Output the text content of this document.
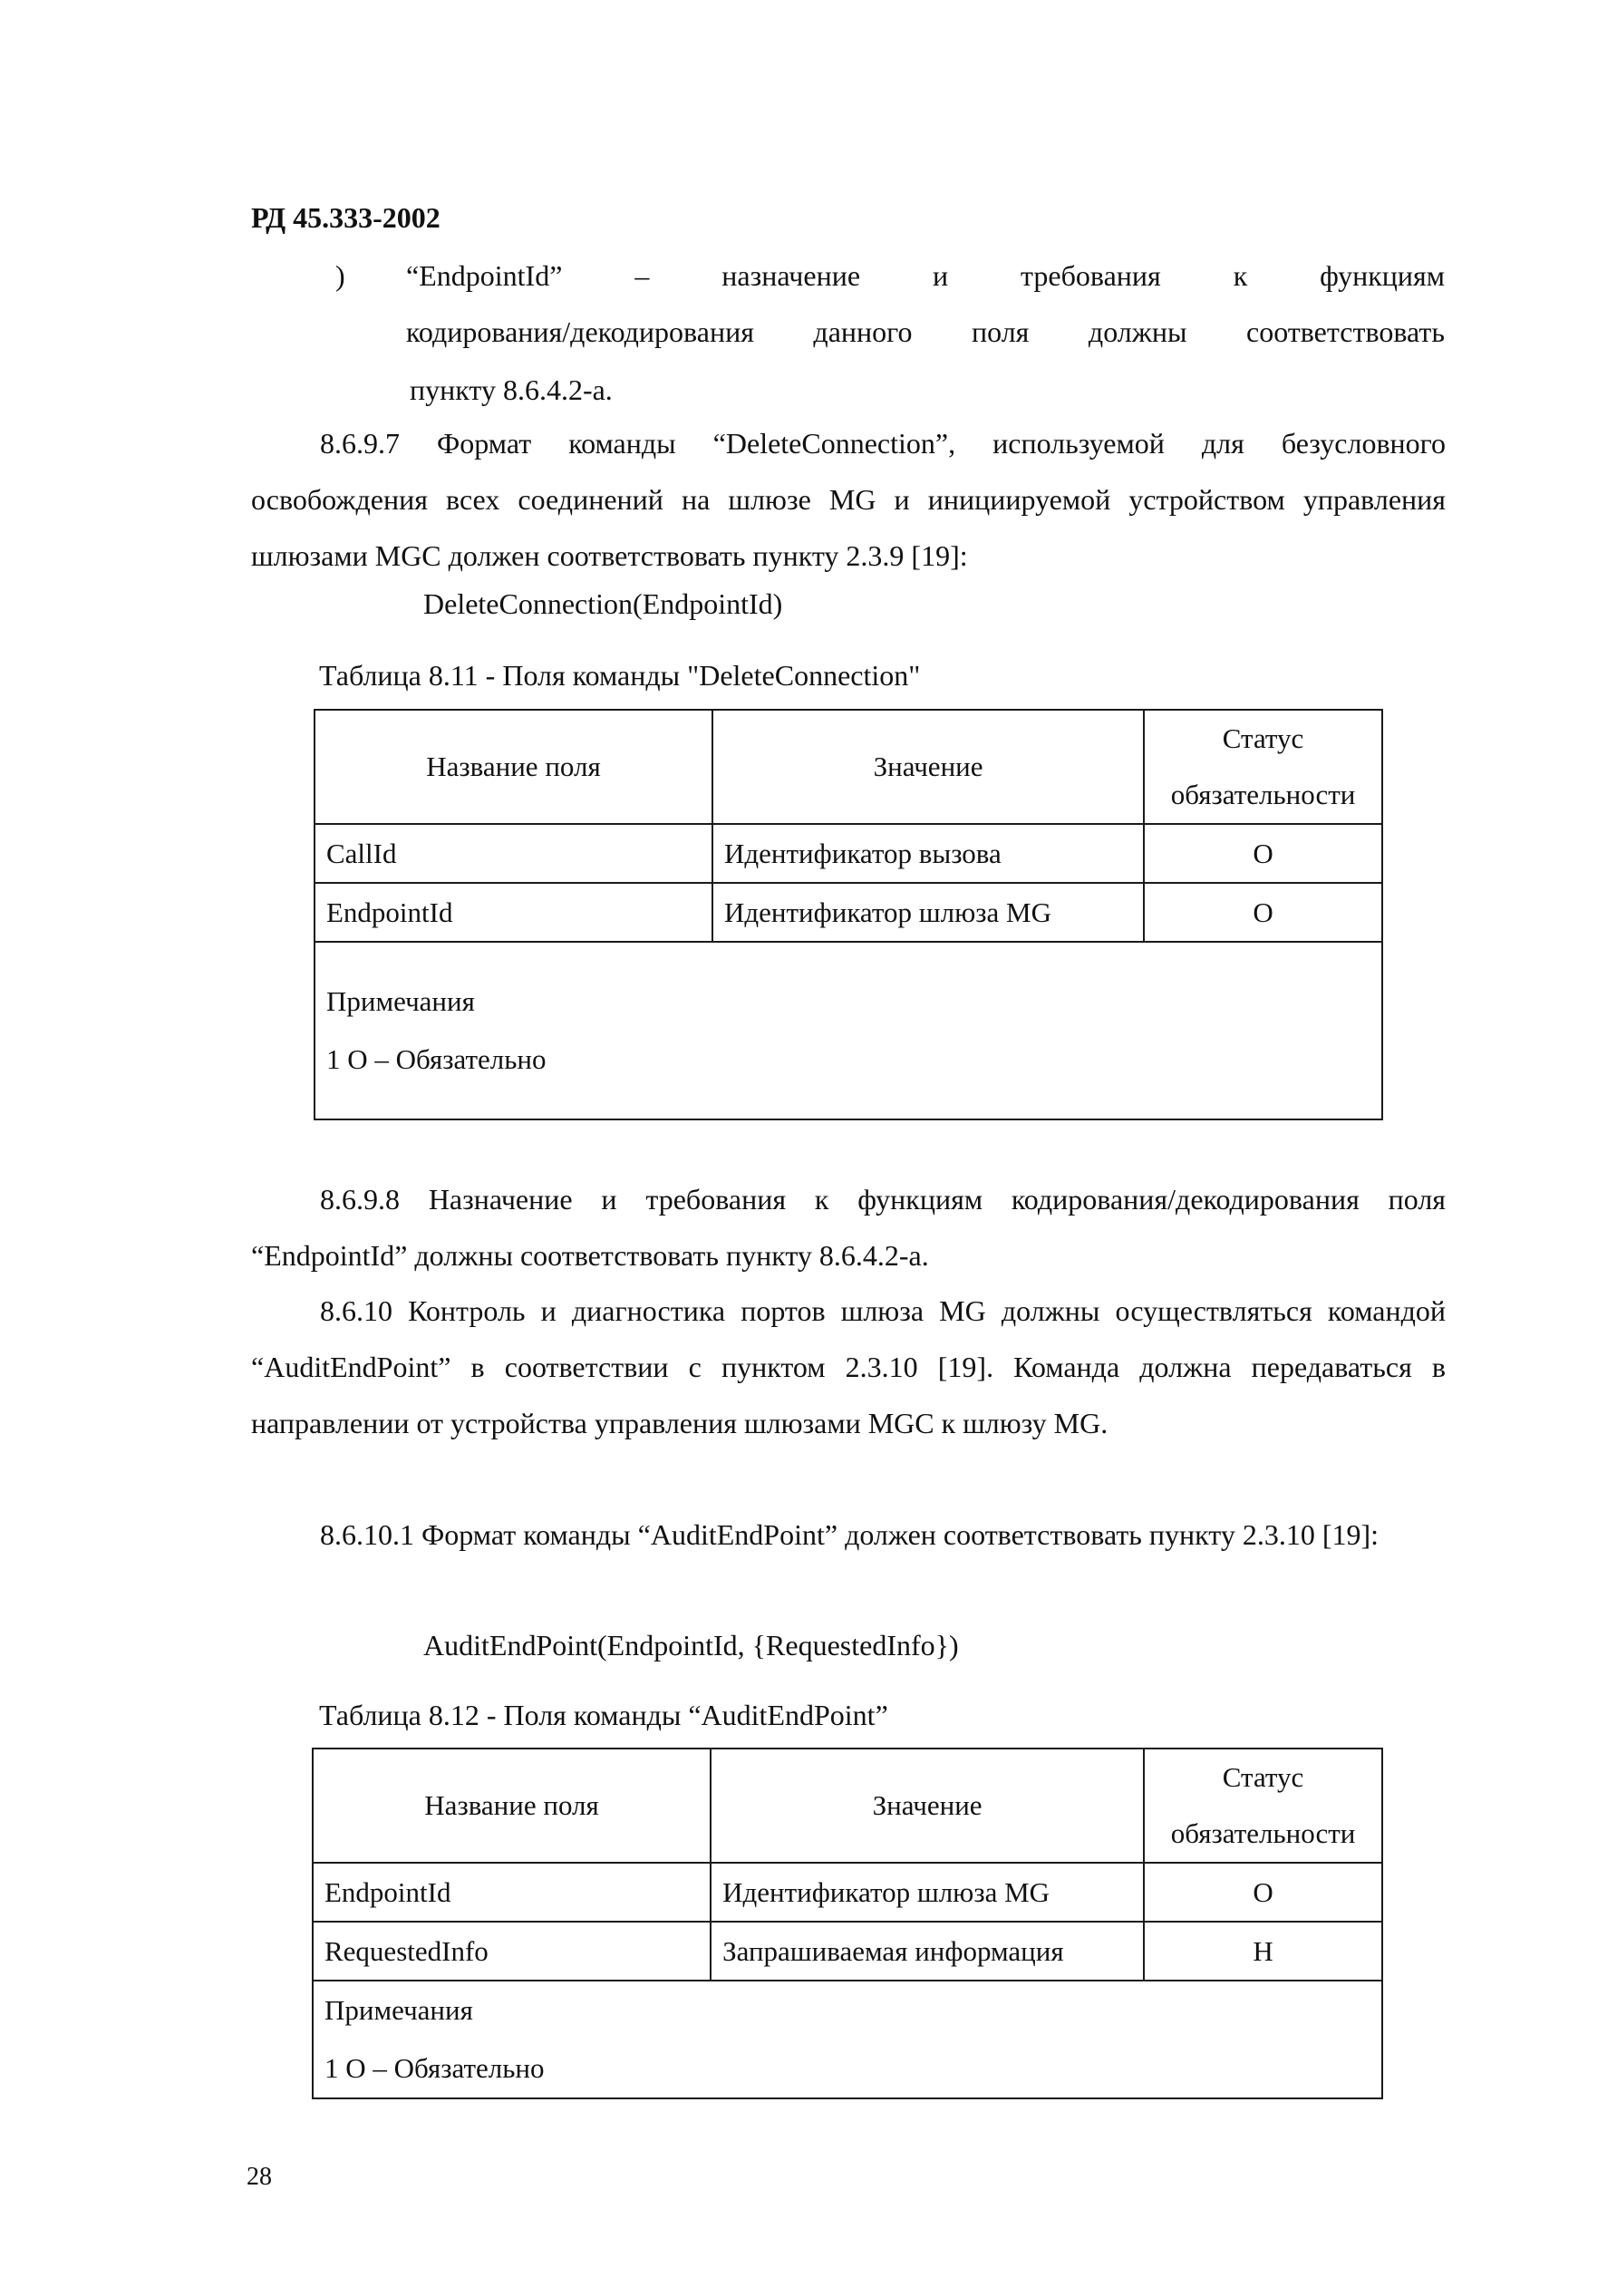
РД 45.333-2002
) “EndpointId” – назначение и требования к функциям
кодирования/декодирования данного поля должны соответствовать
пункту 8.6.4.2-а.
8.6.9.7 Формат команды “DeleteConnection”, используемой для безусловного освобождения всех соединений на шлюзе MG и инициируемой устройством управления шлюзами MGC должен соответствовать пункту 2.3.9 [19]:
DeleteConnection(EndpointId)
Таблица 8.11 - Поля команды "DeleteConnection"
Название поля	Значение	Статус
обязательности
CallId	Идентификатор вызова	O
EndpointId	Идентификатор шлюза MG	O
Примечания
1 O – Обязательно		
8.6.9.8 Назначение и требования к функциям кодирования/декодирования поля “EndpointId” должны соответствовать пункту 8.6.4.2-а.
8.6.10 Контроль и диагностика портов шлюза MG должны осуществляться командой “AuditEndPoint” в соответствии с пунктом 2.3.10 [19]. Команда должна передаваться в направлении от устройства управления шлюзами MGC к шлюзу MG.
8.6.10.1 Формат команды “AuditEndPoint” должен соответствовать пункту 2.3.10 [19]:
AuditEndPoint(EndpointId, {RequestedInfo})
Таблица 8.12 - Поля команды “AuditEndPoint”
Название поля	Значение	Статус
обязательности
EndpointId	Идентификатор шлюза MG	O
RequestedInfo	Запрашиваемая информация	Н
Примечания
1 O – Обязательно		
28
